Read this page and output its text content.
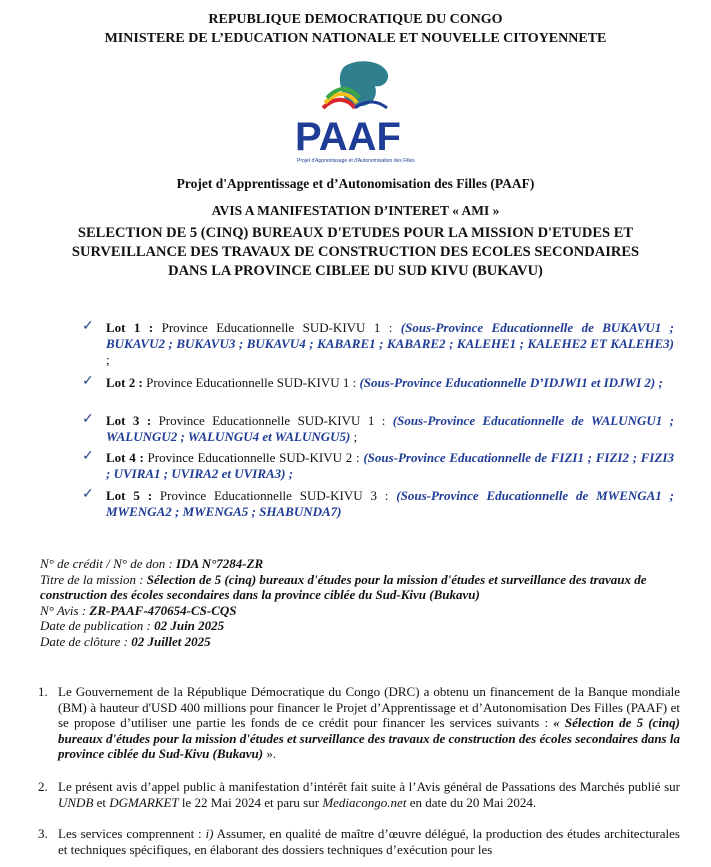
REPUBLIQUE DEMOCRATIQUE DU CONGO
MINISTERE DE L’EDUCATION NATIONALE ET NOUVELLE CITOYENNETE
PAAF
Projet d'Apprentissage et d'Autonomisation des Filles
Projet d'Apprentissage et d’Autonomisation des Filles (PAAF)
AVIS A MANIFESTATION D’INTERET « AMI »
SELECTION DE 5 (CINQ) BUREAUX D'ETUDES POUR LA MISSION D'ETUDES ET
SURVEILLANCE DES TRAVAUX DE CONSTRUCTION DES ECOLES SECONDAIRES
DANS LA PROVINCE CIBLEE DU SUD KIVU (BUKAVU)
✓ Lot 1 : Province Educationnelle SUD-KIVU 1 : (Sous-Province Educationnelle de BUKAVU1 ; BUKAVU2 ; BUKAVU3 ; BUKAVU4 ; KABARE1 ; KABARE2 ; KALEHE1 ; KALEHE2 ET KALEHE3) ;
✓ Lot 2 : Province Educationnelle SUD-KIVU 1 : (Sous-Province Educationnelle D’IDJWI1 et IDJWI 2) ;
✓ Lot 3 : Province Educationnelle SUD-KIVU 1 : (Sous-Province Educationnelle de WALUNGU1 ; WALUNGU2 ; WALUNGU4 et WALUNGU5) ;
✓ Lot 4 : Province Educationnelle SUD-KIVU 2 : (Sous-Province Educationnelle de FIZI1 ; FIZI2 ; FIZI3 ; UVIRA1 ; UVIRA2 et UVIRA3) ;
✓ Lot 5 : Province Educationnelle SUD-KIVU 3 : (Sous-Province Educationnelle de MWENGA1 ; MWENGA2 ; MWENGA5 ; SHABUNDA7)
N° de crédit / N° de don : IDA N°7284-ZR
Titre de la mission : Sélection de 5 (cinq) bureaux d'études pour la mission d'études et surveillance des travaux de construction des écoles secondaires dans la province ciblée du Sud-Kivu (Bukavu)
N° Avis : ZR-PAAF-470654-CS-CQS
Date de publication : 02 Juin 2025
Date de clôture : 02 Juillet 2025
1. Le Gouvernement de la République Démocratique du Congo (DRC) a obtenu un financement de la Banque mondiale (BM) à hauteur d'USD 400 millions pour financer le Projet d’Apprentissage et d’Autonomisation Des Filles (PAAF) et se propose d’utiliser une partie les fonds de ce crédit pour financer les services suivants : « Sélection de 5 (cinq) bureaux d'études pour la mission d'études et surveillance des travaux de construction des écoles secondaires dans la province ciblée du Sud-Kivu (Bukavu) ».
2. Le présent avis d’appel public à manifestation d’intérêt fait suite à l’Avis général de Passations des Marchés publié sur UNDB et DGMARKET le 22 Mai 2024 et paru sur Mediacongo.net en date du 20 Mai 2024.
3. Les services comprennent : i) Assumer, en qualité de maître d’œuvre délégué, la production des études architecturales et techniques spécifiques, en élaborant des dossiers techniques d’exécution pour les
